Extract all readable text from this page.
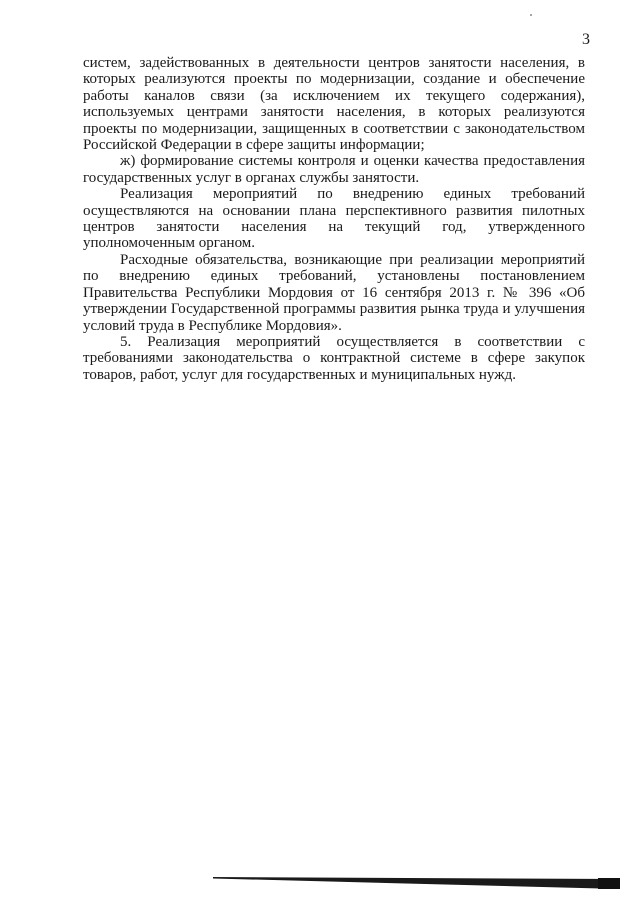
3

систем, задействованных в деятельности центров занятости населения, в которых реализуются проекты по модернизации, создание и обеспечение работы каналов связи (за исключением их текущего содержания), используемых центрами занятости населения, в которых реализуются проекты по модернизации, защищенных в соответствии с законодательством Российской Федерации в сфере защиты информации;

ж) формирование системы контроля и оценки качества предоставления государственных услуг в органах службы занятости.

Реализация мероприятий по внедрению единых требований осуществляются на основании плана перспективного развития пилотных центров занятости населения на текущий год, утвержденного уполномоченным органом.

Расходные обязательства, возникающие при реализации мероприятий по внедрению единых требований, установлены постановлением Правительства Республики Мордовия от 16 сентября 2013 г. № 396 «Об утверждении Государственной программы развития рынка труда и улучшения условий труда в Республике Мордовия».

5. Реализация мероприятий осуществляется в соответствии с требованиями законодательства о контрактной системе в сфере закупок товаров, работ, услуг для государственных и муниципальных нужд.
